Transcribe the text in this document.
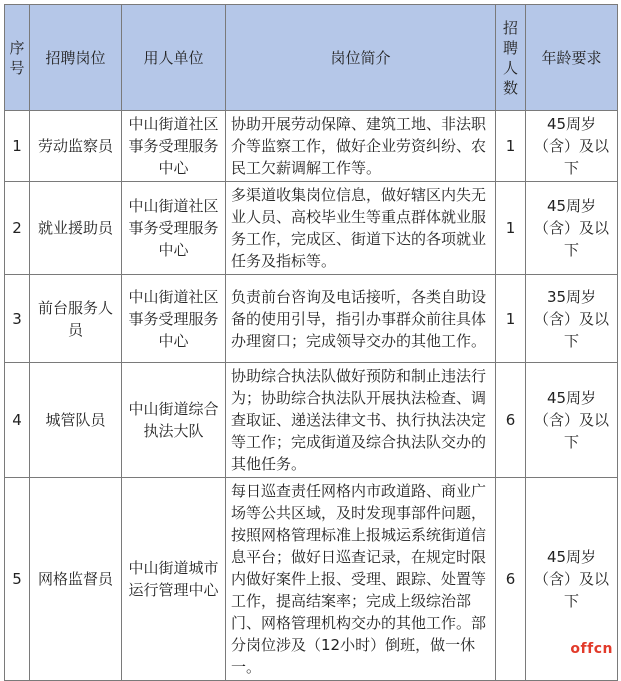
序号	招聘岗位	用人单位	岗位简介	招聘人数	年龄要求
1	劳动监察员	中山街道社区事务受理服务中心	协助开展劳动保障、建筑工地、非法职介等监察工作，做好企业劳资纠纷、农民工欠薪调解工作等。	1	45周岁（含）及以下
2	就业援助员	中山街道社区事务受理服务中心	多渠道收集岗位信息，做好辖区内失无业人员、高校毕业生等重点群体就业服务工作，完成区、街道下达的各项就业任务及指标等。	1	45周岁（含）及以下
3	前台服务人员	中山街道社区事务受理服务中心	负责前台咨询及电话接听，各类自助设备的使用引导，指引办事群众前往具体办理窗口；完成领导交办的其他工作。	1	35周岁（含）及以下
4	城管队员	中山街道综合执法大队	协助综合执法队做好预防和制止违法行为；协助综合执法队开展执法检查、调查取证、递送法律文书、执行执法决定等工作；完成街道及综合执法队交办的其他任务。	6	45周岁（含）及以下
5	网格监督员	中山街道城市运行管理中心	每日巡查责任网格内市政道路、商业广场等公共区域，及时发现事部件问题，按照网格管理标准上报城运系统街道信息平台；做好日巡查记录，在规定时限内做好案件上报、受理、跟踪、处置等工作，提高结案率；完成上级综治部门、网格管理机构交办的其他工作。部分岗位涉及（12小时）倒班，做一休一。	6	45周岁（含）及以下
offcn
